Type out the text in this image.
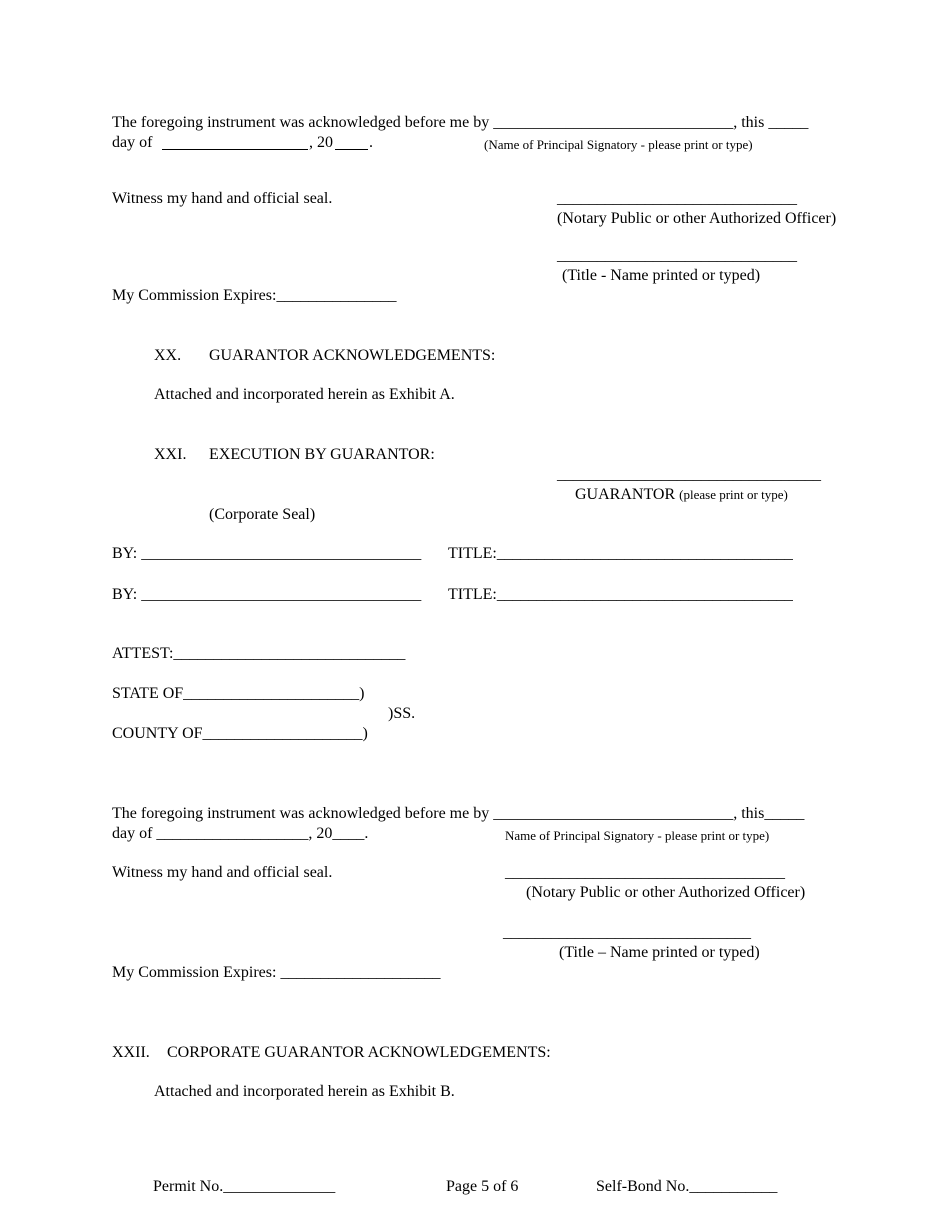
The foregoing instrument was acknowledged before me by ______________________________, this _____
day of	, 20 .	(Name of Principal Signatory - please print or type)
Witness my hand and official seal.	______________________________
(Notary Public or other Authorized Officer)
______________________________
(Title - Name printed or typed)
My Commission Expires:_______________
XX. GUARANTOR ACKNOWLEDGEMENTS:
Attached and incorporated herein as Exhibit A.
XXI. EXECUTION BY GUARANTOR:
_________________________________
GUARANTOR (please print or type)
(Corporate Seal)
BY: ___________________________________ TITLE:_____________________________________
BY: ___________________________________ TITLE:_____________________________________
ATTEST:_____________________________
STATE OF______________________)
)SS.
COUNTY OF____________________)
The foregoing instrument was acknowledged before me by ______________________________, this_____
day of ___________________, 20____.	Name of Principal Signatory - please print or type)
Witness my hand and official seal.	___________________________________
(Notary Public or other Authorized Officer)
_______________________________
(Title – Name printed or typed)
My Commission Expires: ____________________
XXII. CORPORATE GUARANTOR ACKNOWLEDGEMENTS:
Attached and incorporated herein as Exhibit B.
Permit No.______________	Page 5 of 6	Self-Bond No.___________
